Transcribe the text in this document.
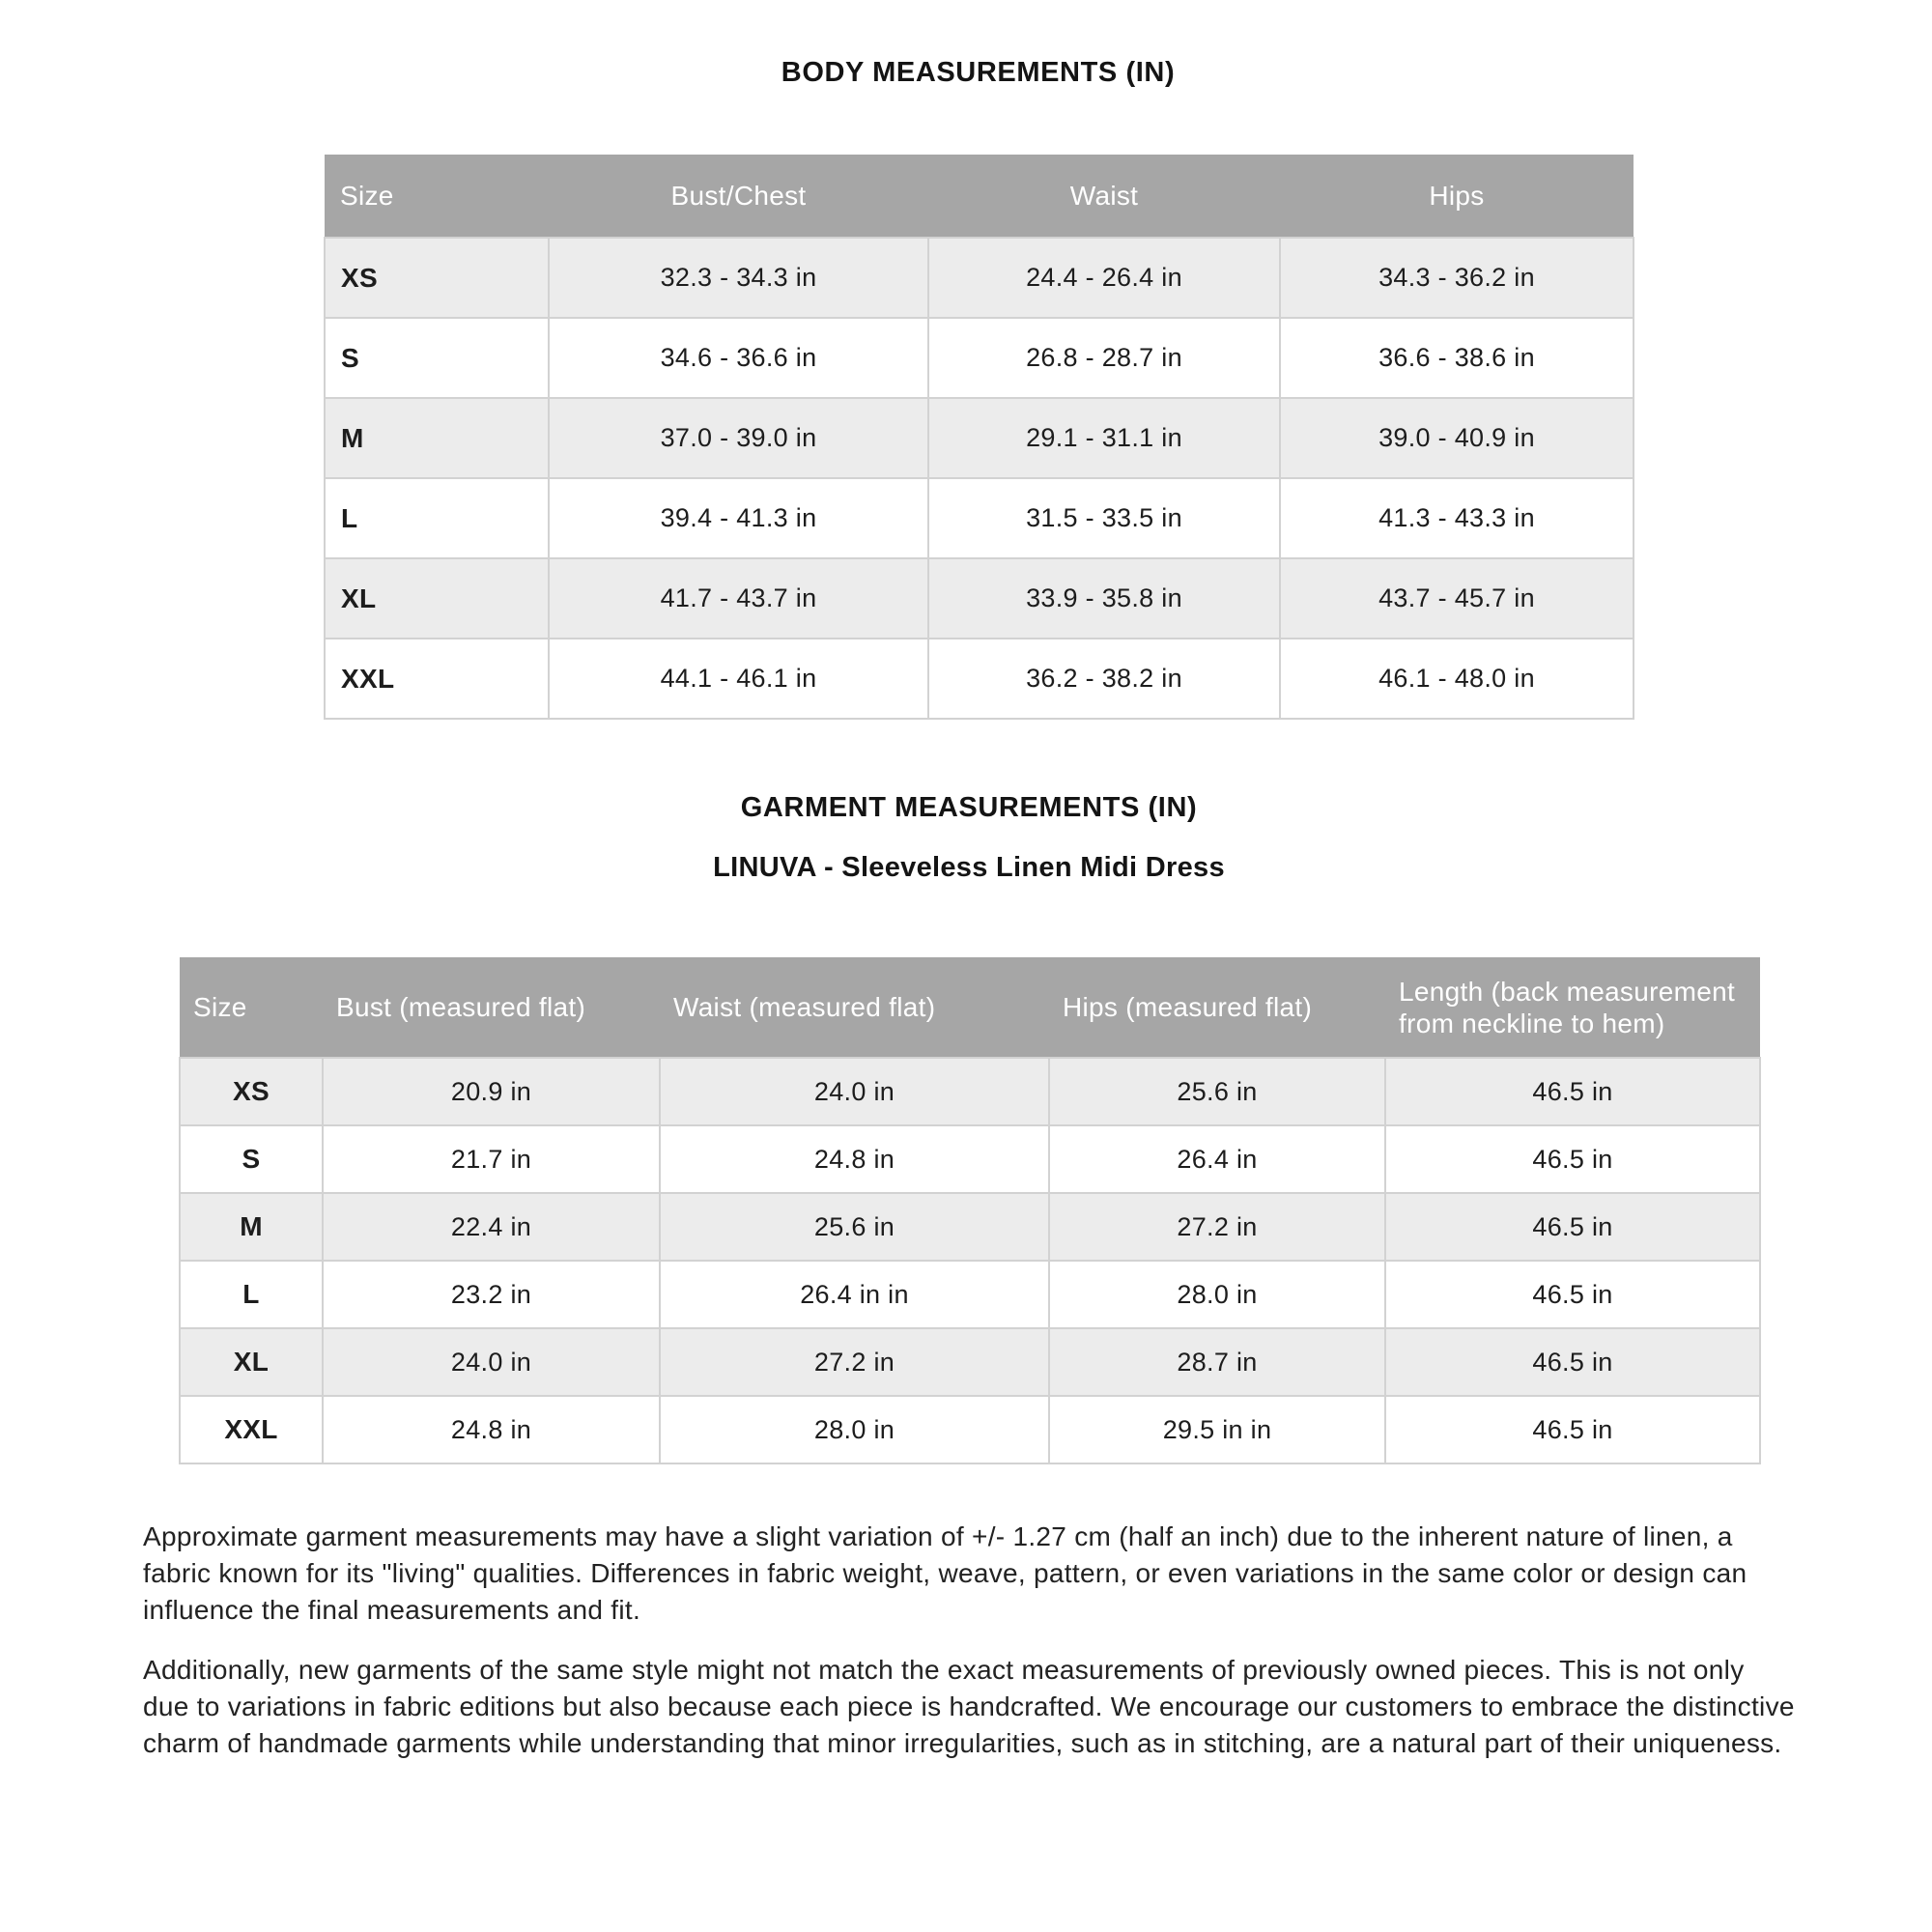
BODY MEASUREMENTS (IN)
Size	Bust/Chest	Waist	Hips
XS	32.3 - 34.3 in	24.4 - 26.4 in	34.3 - 36.2 in
S	34.6 - 36.6 in	26.8 - 28.7 in	36.6 - 38.6 in
M	37.0 - 39.0 in	29.1 - 31.1 in	39.0 - 40.9 in
L	39.4 - 41.3 in	31.5 - 33.5 in	41.3 - 43.3 in
XL	41.7 - 43.7 in	33.9 - 35.8 in	43.7 - 45.7 in
XXL	44.1 - 46.1 in	36.2 - 38.2 in	46.1 - 48.0 in
GARMENT MEASUREMENTS (IN)
LINUVA - Sleeveless Linen Midi Dress
Size	Bust (measured flat)	Waist (measured flat)	Hips (measured flat)	Length (back measurement from neckline to hem)
XS	20.9 in	24.0 in	25.6 in	46.5 in
S	21.7 in	24.8 in	26.4 in	46.5 in
M	22.4 in	25.6 in	27.2 in	46.5 in
L	23.2 in	26.4 in in	28.0 in	46.5 in
XL	24.0 in	27.2 in	28.7 in	46.5 in
XXL	24.8 in	28.0 in	29.5 in in	46.5 in

Approximate garment measurements may have a slight variation of +/- 1.27 cm (half an inch) due to the inherent nature of linen, a fabric known for its "living" qualities. Differences in fabric weight, weave, pattern, or even variations in the same color or design can influence the final measurements and fit.

Additionally, new garments of the same style might not match the exact measurements of previously owned pieces. This is not only due to variations in fabric editions but also because each piece is handcrafted. We encourage our customers to embrace the distinctive charm of handmade garments while understanding that minor irregularities, such as in stitching, are a natural part of their uniqueness.
